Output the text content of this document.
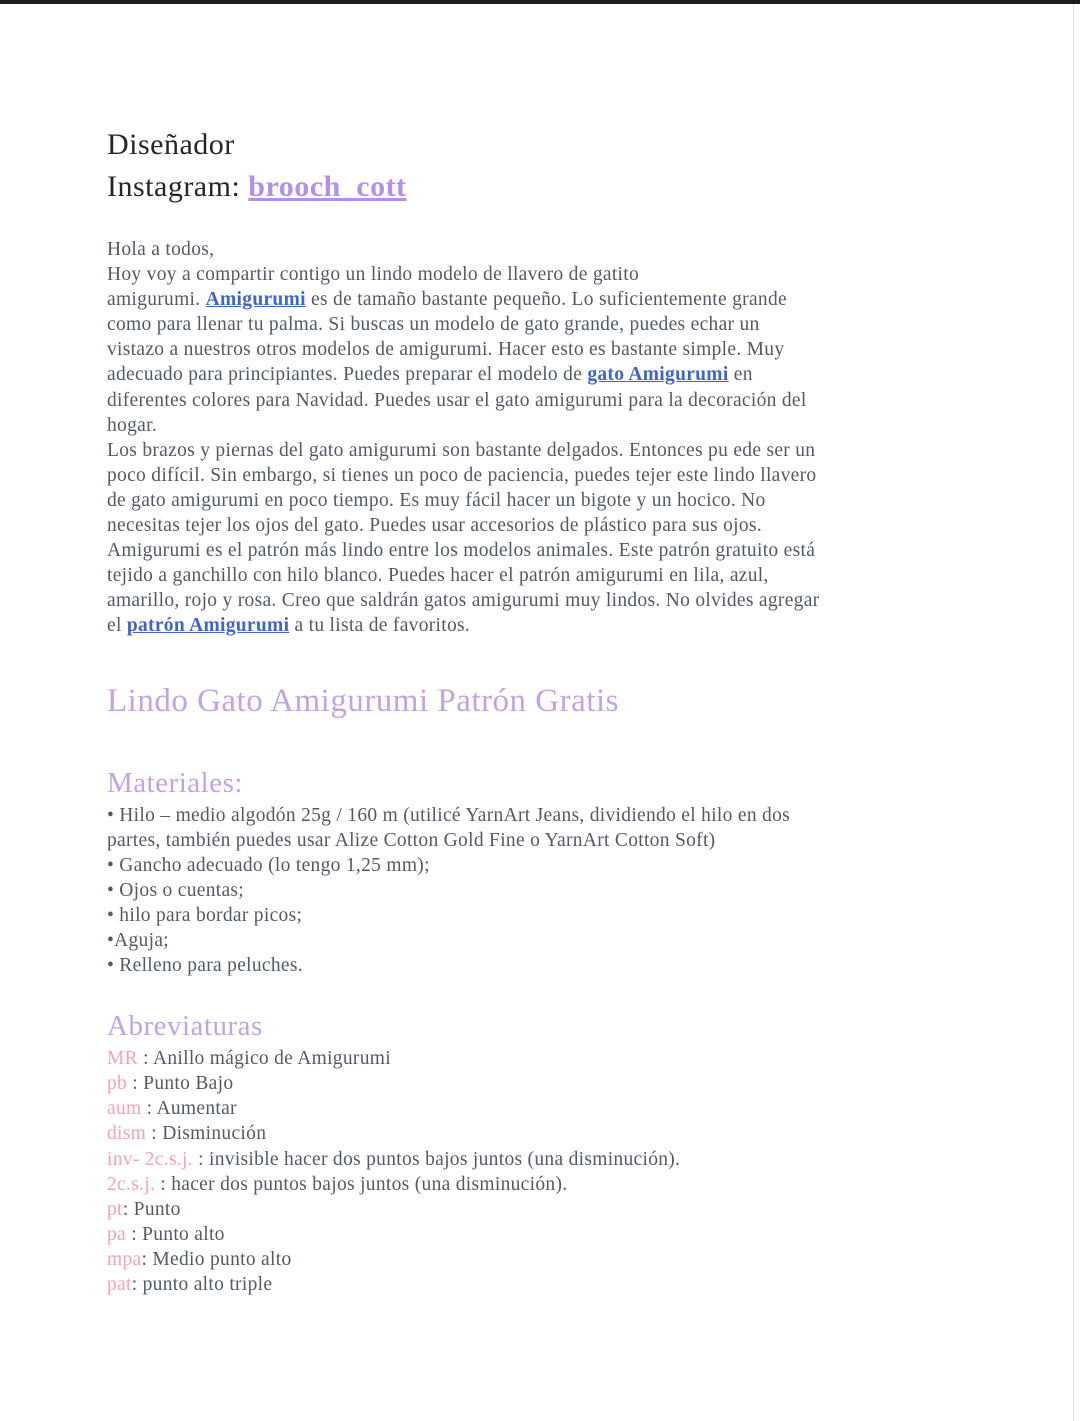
Diseñador
Instagram: brooch_cott
Hola a todos,
Hoy voy a compartir contigo un lindo modelo de llavero de gatito
amigurumi. Amigurumi es de tamaño bastante pequeño. Lo suficientemente grande
como para llenar tu palma. Si buscas un modelo de gato grande, puedes echar un
vistazo a nuestros otros modelos de amigurumi. Hacer esto es bastante simple. Muy
adecuado para principiantes. Puedes preparar el modelo de gato Amigurumi en
diferentes colores para Navidad. Puedes usar el gato amigurumi para la decoración del
hogar.
Los brazos y piernas del gato amigurumi son bastante delgados. Entonces pu ede ser un
poco difícil. Sin embargo, si tienes un poco de paciencia, puedes tejer este lindo llavero
de gato amigurumi en poco tiempo. Es muy fácil hacer un bigote y un hocico. No
necesitas tejer los ojos del gato. Puedes usar accesorios de plástico para sus ojos.
Amigurumi es el patrón más lindo entre los modelos animales. Este patrón gratuito está
tejido a ganchillo con hilo blanco. Puedes hacer el patrón amigurumi en lila, azul,
amarillo, rojo y rosa. Creo que saldrán gatos amigurumi muy lindos. No olvides agregar
el patrón Amigurumi a tu lista de favoritos.
Lindo Gato Amigurumi Patrón Gratis
Materiales:
• Hilo – medio algodón 25g / 160 m (utilicé YarnArt Jeans, dividiendo el hilo en dos
partes, también puedes usar Alize Cotton Gold Fine o YarnArt Cotton Soft)
• Gancho adecuado (lo tengo 1,25 mm);
• Ojos o cuentas;
• hilo para bordar picos;
•Aguja;
• Relleno para peluches.
Abreviaturas
MR : Anillo mágico de Amigurumi
pb : Punto Bajo
aum : Aumentar
dism : Disminución
inv- 2c.s.j. : invisible hacer dos puntos bajos juntos (una disminución).
2c.s.j. : hacer dos puntos bajos juntos (una disminución).
pt: Punto
pa : Punto alto
mpa: Medio punto alto
pat: punto alto triple
